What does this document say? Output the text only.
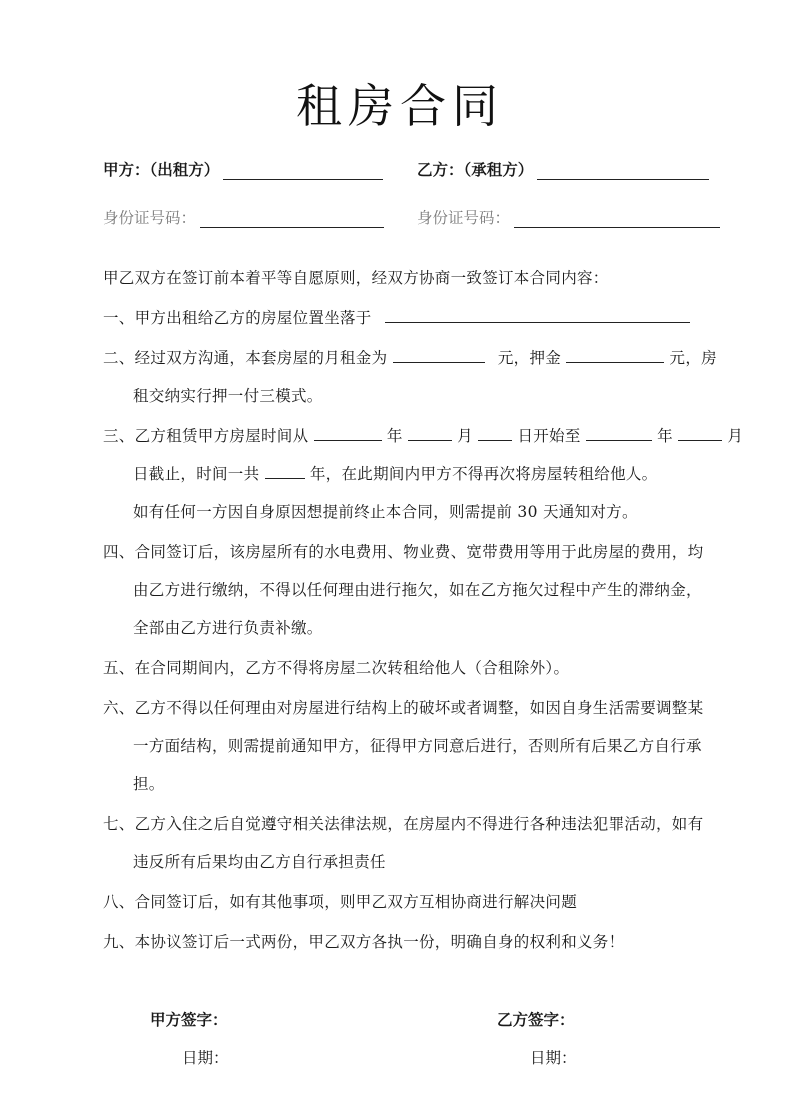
租房合同
甲方：（出租方）	乙方：（承租方）
身份证号码：	身份证号码：
甲乙双方在签订前本着平等自愿原则，经双方协商一致签订本合同内容：
一、甲方出租给乙方的房屋位置坐落于
二、经过双方沟通，本套房屋的月租金为	元，押金	元，房
租交纳实行押一付三模式。
三、乙方租赁甲方房屋时间从	年	月	日开始至	年	月
日截止，时间一共	年，在此期间内甲方不得再次将房屋转租给他人。
如有任何一方因自身原因想提前终止本合同，则需提前 30 天通知对方。
四、合同签订后，该房屋所有的水电费用、物业费、宽带费用等用于此房屋的费用，均
由乙方进行缴纳，不得以任何理由进行拖欠，如在乙方拖欠过程中产生的滞纳金，
全部由乙方进行负责补缴。
五、在合同期间内，乙方不得将房屋二次转租给他人（合租除外）。
六、乙方不得以任何理由对房屋进行结构上的破坏或者调整，如因自身生活需要调整某
一方面结构，则需提前通知甲方，征得甲方同意后进行，否则所有后果乙方自行承
担。
七、乙方入住之后自觉遵守相关法律法规，在房屋内不得进行各种违法犯罪活动，如有
违反所有后果均由乙方自行承担责任
八、合同签订后，如有其他事项，则甲乙双方互相协商进行解决问题
九、本协议签订后一式两份，甲乙双方各执一份，明确自身的权利和义务！
甲方签字：	乙方签字：
日期：	日期：
